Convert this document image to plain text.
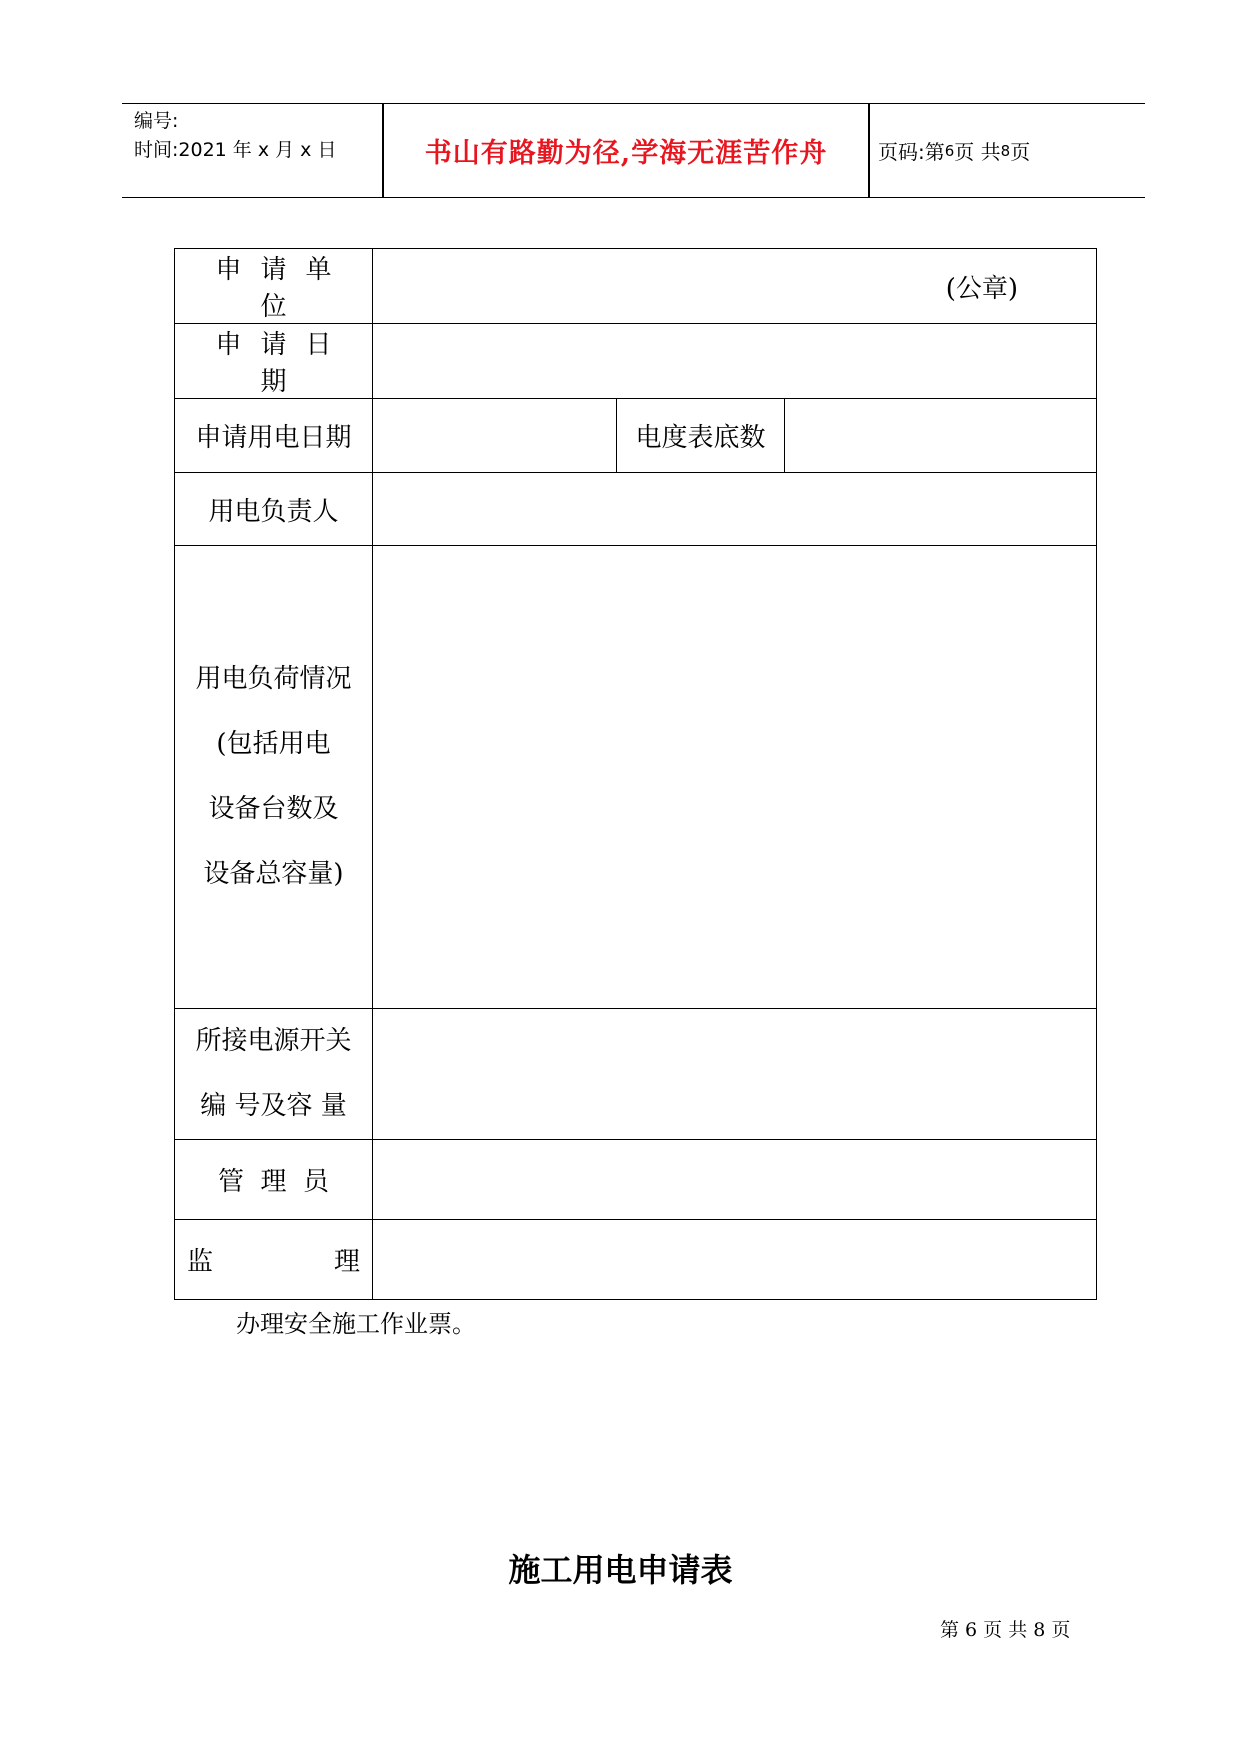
编号:
时间:2021 年 x 月 x 日	书山有路勤为径,学海无涯苦作舟	页码:第 6 页 共 8 页
申请单位	(公章)		
申请日期			
申请用电日期		电度表底数	
用电负责人			

用电负荷情况
(包括用电
设备台数及
设备总容量)			

所接电源开关
编 号及容 量			

管  理  员			

监 理			

办理安全施工作业票。
施工用电申请表
第 6 页 共 8 页
